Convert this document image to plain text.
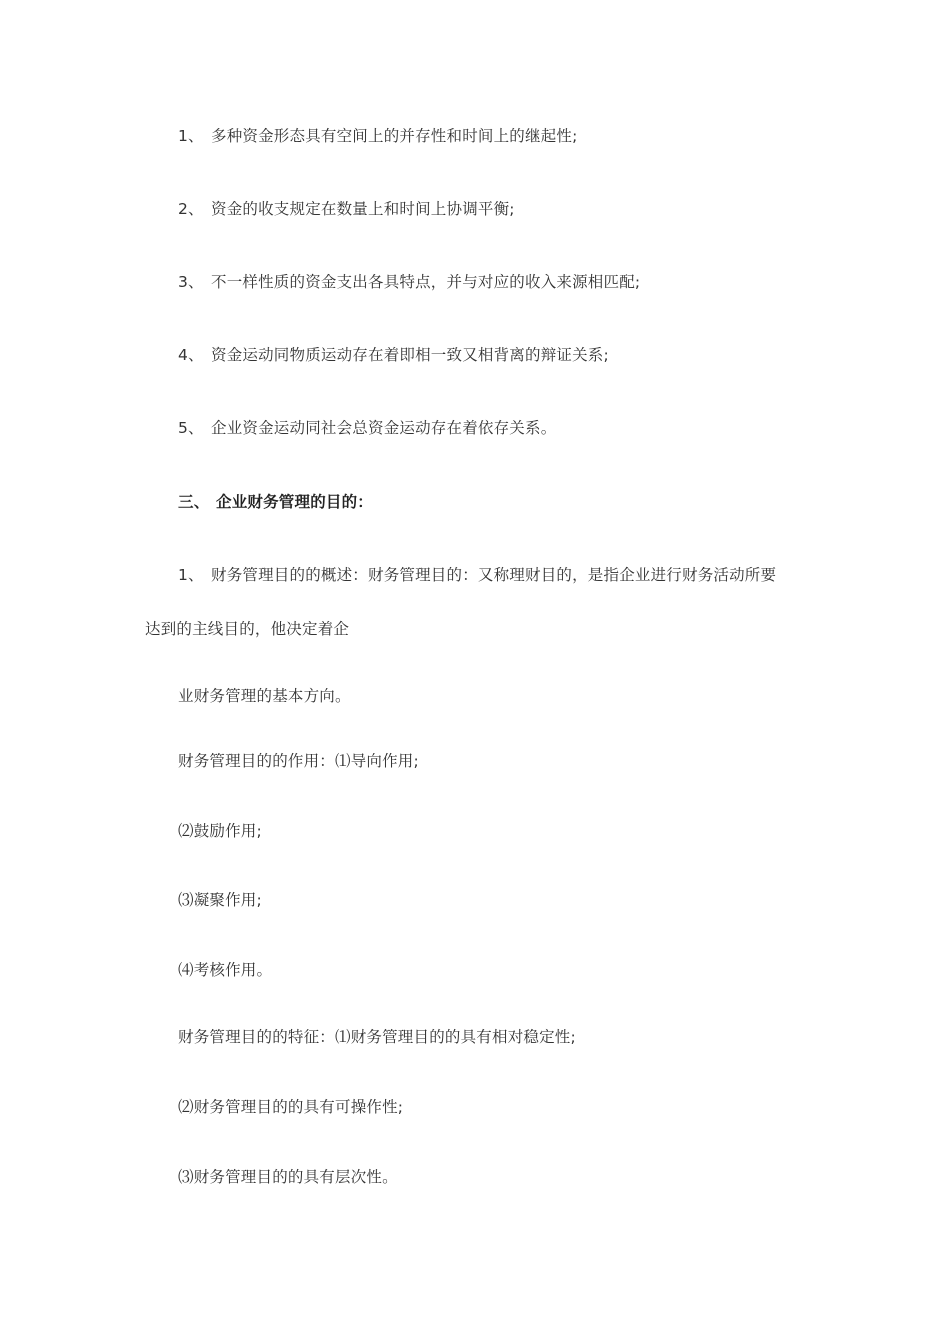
1、 多种资金形态具有空间上的并存性和时间上的继起性;
2、 资金的收支规定在数量上和时间上协调平衡;
3、 不一样性质的资金支出各具特点，并与对应的收入来源相匹配;
4、 资金运动同物质运动存在着即相一致又相背离的辩证关系;
5、 企业资金运动同社会总资金运动存在着依存关系。
三、 企业财务管理的目的：
1、 财务管理目的的概述：财务管理目的：又称理财目的，是指企业进行财务活动所要
达到的主线目的，他决定着企
业财务管理的基本方向。
财务管理目的的作用：⑴导向作用;
⑵鼓励作用;
⑶凝聚作用;
⑷考核作用。
财务管理目的的特征：⑴财务管理目的的具有相对稳定性;
⑵财务管理目的的具有可操作性;
⑶财务管理目的的具有层次性。
